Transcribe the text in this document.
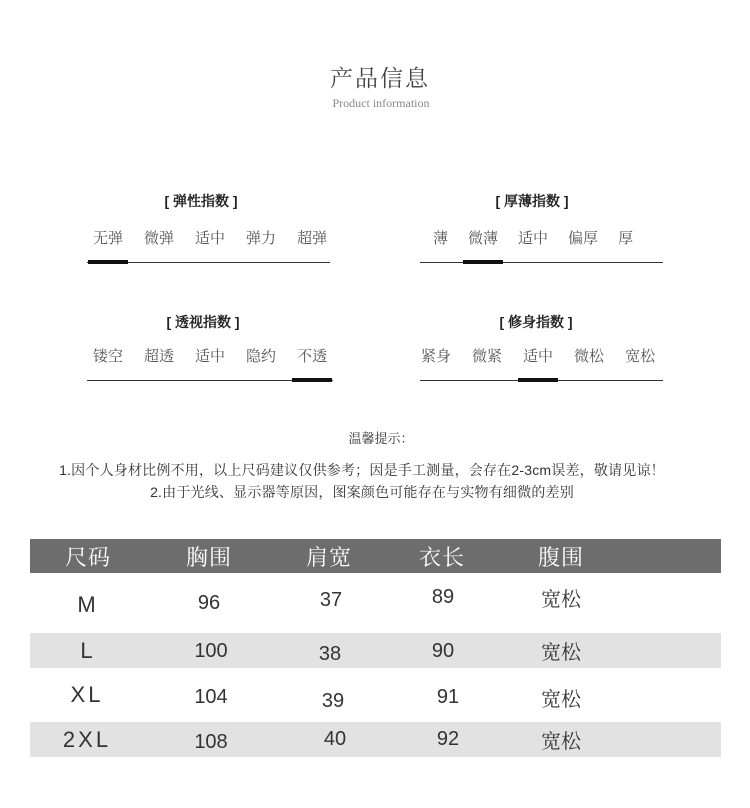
产品信息
Product information
[ 弹性指数 ]
无弹 微弹 适中 弹力 超弹
[ 厚薄指数 ]
薄 微薄 适中 偏厚 厚
[ 透视指数 ]
镂空 超透 适中 隐约 不透
[ 修身指数 ]
紧身 微紧 适中 微松 宽松
温馨提示：
1.因个人身材比例不用，以上尺码建议仅供参考；因是手工测量，会存在2-3cm误差，敬请见谅！
2.由于光线、显示器等原因，图案颜色可能存在与实物有细微的差别
尺码	胸围	肩宽	衣长	腹围
M	96	37	89	宽松
L	100	38	90	宽松
XL	104	39	91	宽松
2XL	108	40	92	宽松
